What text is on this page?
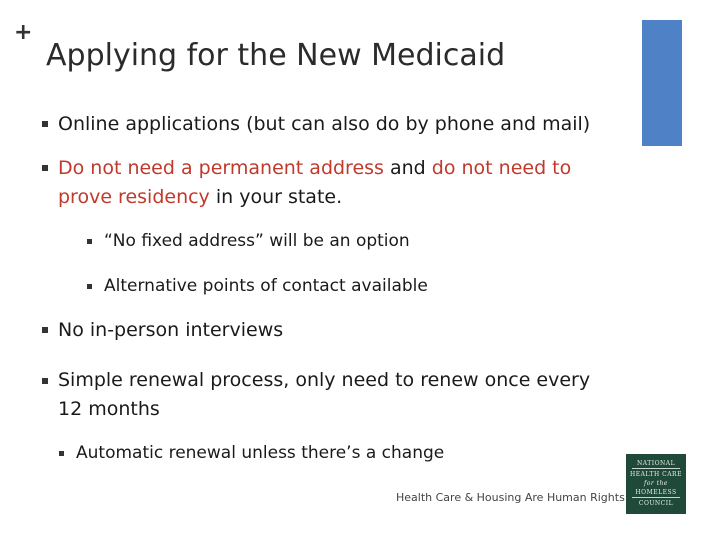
+
Applying for the New Medicaid
Online applications (but can also do by phone and mail)
Do not need a permanent address and do not need to
prove residency in your state.
“No fixed address” will be an option
Alternative points of contact available
No in-person interviews
Simple renewal process, only need to renew once every
12 months
Automatic renewal unless there’s a change
Health Care & Housing Are Human Rights
NATIONAL
HEALTH CARE
for the
HOMELESS
COUNCIL
